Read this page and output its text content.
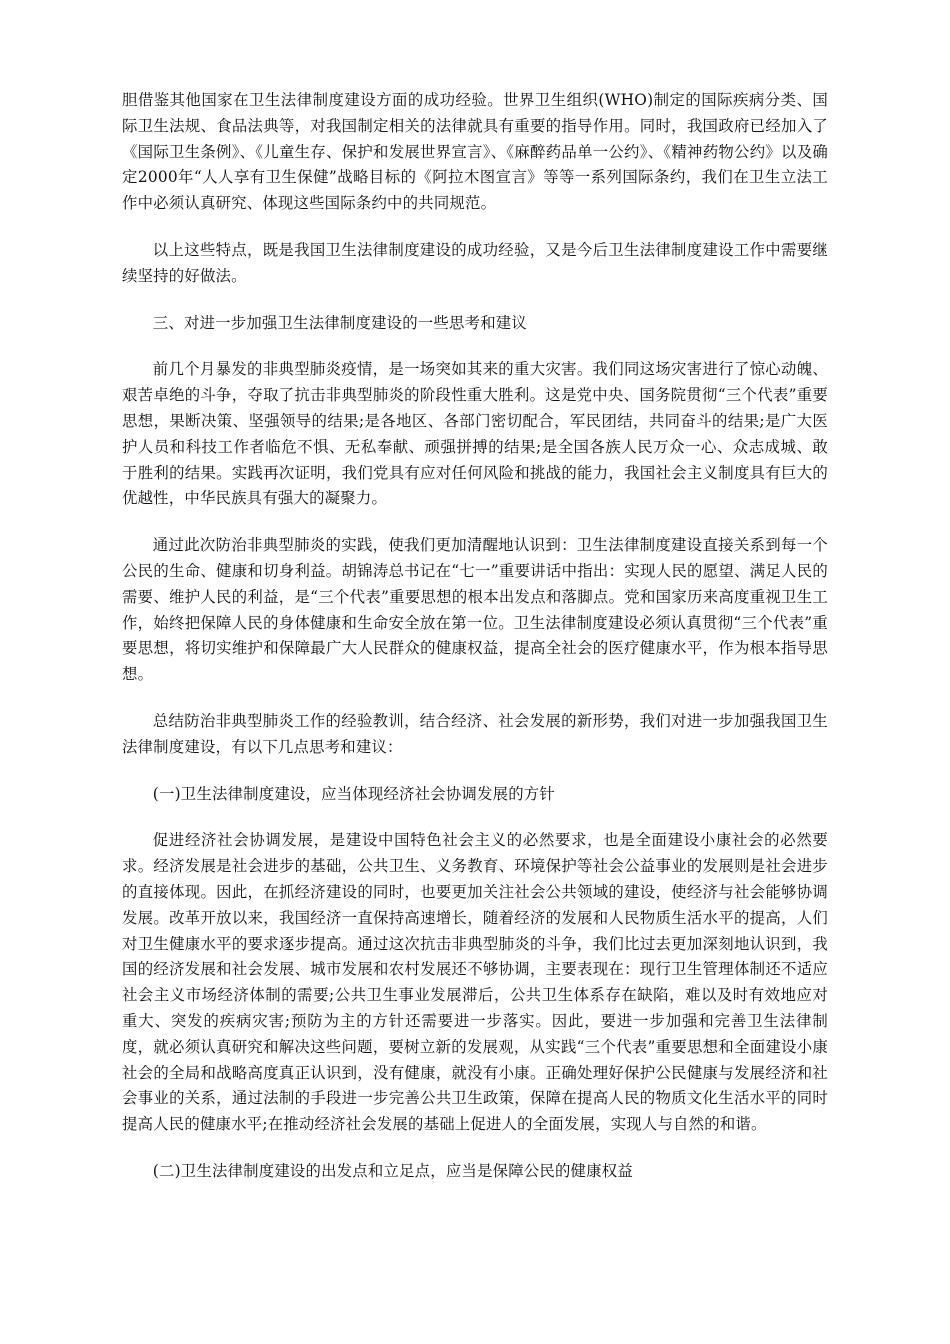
胆借鉴其他国家在卫生法律制度建设方面的成功经验。世界卫生组织(WHO)制定的国际疾病分类、国际卫生法规、食品法典等，对我国制定相关的法律就具有重要的指导作用。同时，我国政府已经加入了《国际卫生条例》、《儿童生存、保护和发展世界宣言》、《麻醉药品单一公约》、《精神药物公约》以及确定2000年“人人享有卫生保健”战略目标的《阿拉木图宣言》等等一系列国际条约，我们在卫生立法工作中必须认真研究、体现这些国际条约中的共同规范。

以上这些特点，既是我国卫生法律制度建设的成功经验，又是今后卫生法律制度建设工作中需要继续坚持的好做法。

三、对进一步加强卫生法律制度建设的一些思考和建议

前几个月暴发的非典型肺炎疫情，是一场突如其来的重大灾害。我们同这场灾害进行了惊心动魄、艰苦卓绝的斗争，夺取了抗击非典型肺炎的阶段性重大胜利。这是党中央、国务院贯彻“三个代表”重要思想，果断决策、坚强领导的结果;是各地区、各部门密切配合，军民团结，共同奋斗的结果;是广大医护人员和科技工作者临危不惧、无私奉献、顽强拼搏的结果;是全国各族人民万众一心、众志成城、敢于胜利的结果。实践再次证明，我们党具有应对任何风险和挑战的能力，我国社会主义制度具有巨大的优越性，中华民族具有强大的凝聚力。

通过此次防治非典型肺炎的实践，使我们更加清醒地认识到：卫生法律制度建设直接关系到每一个公民的生命、健康和切身利益。胡锦涛总书记在“七一”重要讲话中指出：实现人民的愿望、满足人民的需要、维护人民的利益，是“三个代表”重要思想的根本出发点和落脚点。党和国家历来高度重视卫生工作，始终把保障人民的身体健康和生命安全放在第一位。卫生法律制度建设必须认真贯彻“三个代表”重要思想，将切实维护和保障最广大人民群众的健康权益，提高全社会的医疗健康水平，作为根本指导思想。

总结防治非典型肺炎工作的经验教训，结合经济、社会发展的新形势，我们对进一步加强我国卫生法律制度建设，有以下几点思考和建议：

(一)卫生法律制度建设，应当体现经济社会协调发展的方针

促进经济社会协调发展，是建设中国特色社会主义的必然要求，也是全面建设小康社会的必然要求。经济发展是社会进步的基础，公共卫生、义务教育、环境保护等社会公益事业的发展则是社会进步的直接体现。因此，在抓经济建设的同时，也要更加关注社会公共领域的建设，使经济与社会能够协调发展。改革开放以来，我国经济一直保持高速增长，随着经济的发展和人民物质生活水平的提高，人们对卫生健康水平的要求逐步提高。通过这次抗击非典型肺炎的斗争，我们比过去更加深刻地认识到，我国的经济发展和社会发展、城市发展和农村发展还不够协调，主要表现在：现行卫生管理体制还不适应社会主义市场经济体制的需要;公共卫生事业发展滞后，公共卫生体系存在缺陷，难以及时有效地应对重大、突发的疾病灾害;预防为主的方针还需要进一步落实。因此，要进一步加强和完善卫生法律制度，就必须认真研究和解决这些问题，要树立新的发展观，从实践“三个代表”重要思想和全面建设小康社会的全局和战略高度真正认识到，没有健康，就没有小康。正确处理好保护公民健康与发展经济和社会事业的关系，通过法制的手段进一步完善公共卫生政策，保障在提高人民的物质文化生活水平的同时提高人民的健康水平;在推动经济社会发展的基础上促进人的全面发展，实现人与自然的和谐。

(二)卫生法律制度建设的出发点和立足点，应当是保障公民的健康权益
